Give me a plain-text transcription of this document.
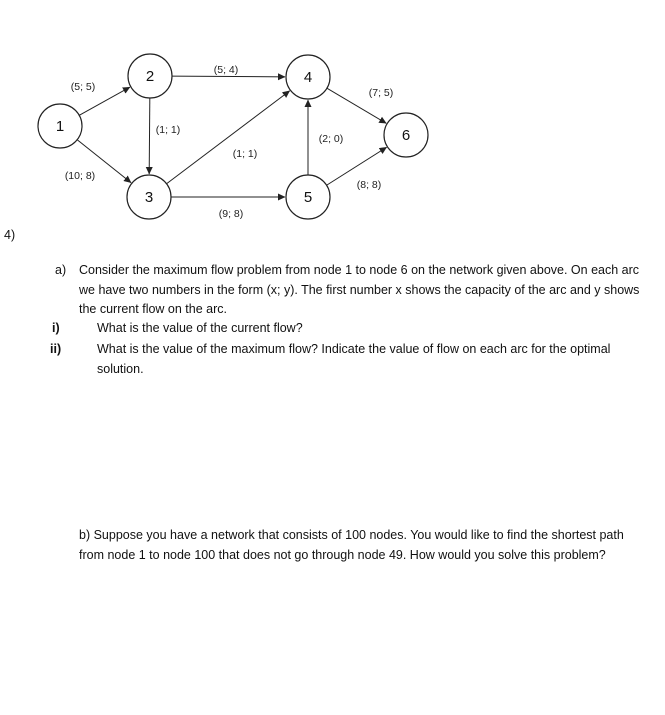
1
2
3
4
5
6
(5; 5)
(10; 8)
(1; 1)
(5; 4)
(1; 1)
(9; 8)
(2; 0)
(7; 5)
(8; 8)
4)
a) Consider the maximum flow problem from node 1 to node 6 on the network given above. On each arc we have two numbers in the form (x; y). The first number x shows the capacity of the arc and y shows the current flow on the arc.
i)	What is the value of the current flow?
ii)	What is the value of the maximum flow? Indicate the value of flow on each arc for the optimal solution.
b) Suppose you have a network that consists of 100 nodes. You would like to find the shortest path from node 1 to node 100 that does not go through node 49. How would you solve this problem?
